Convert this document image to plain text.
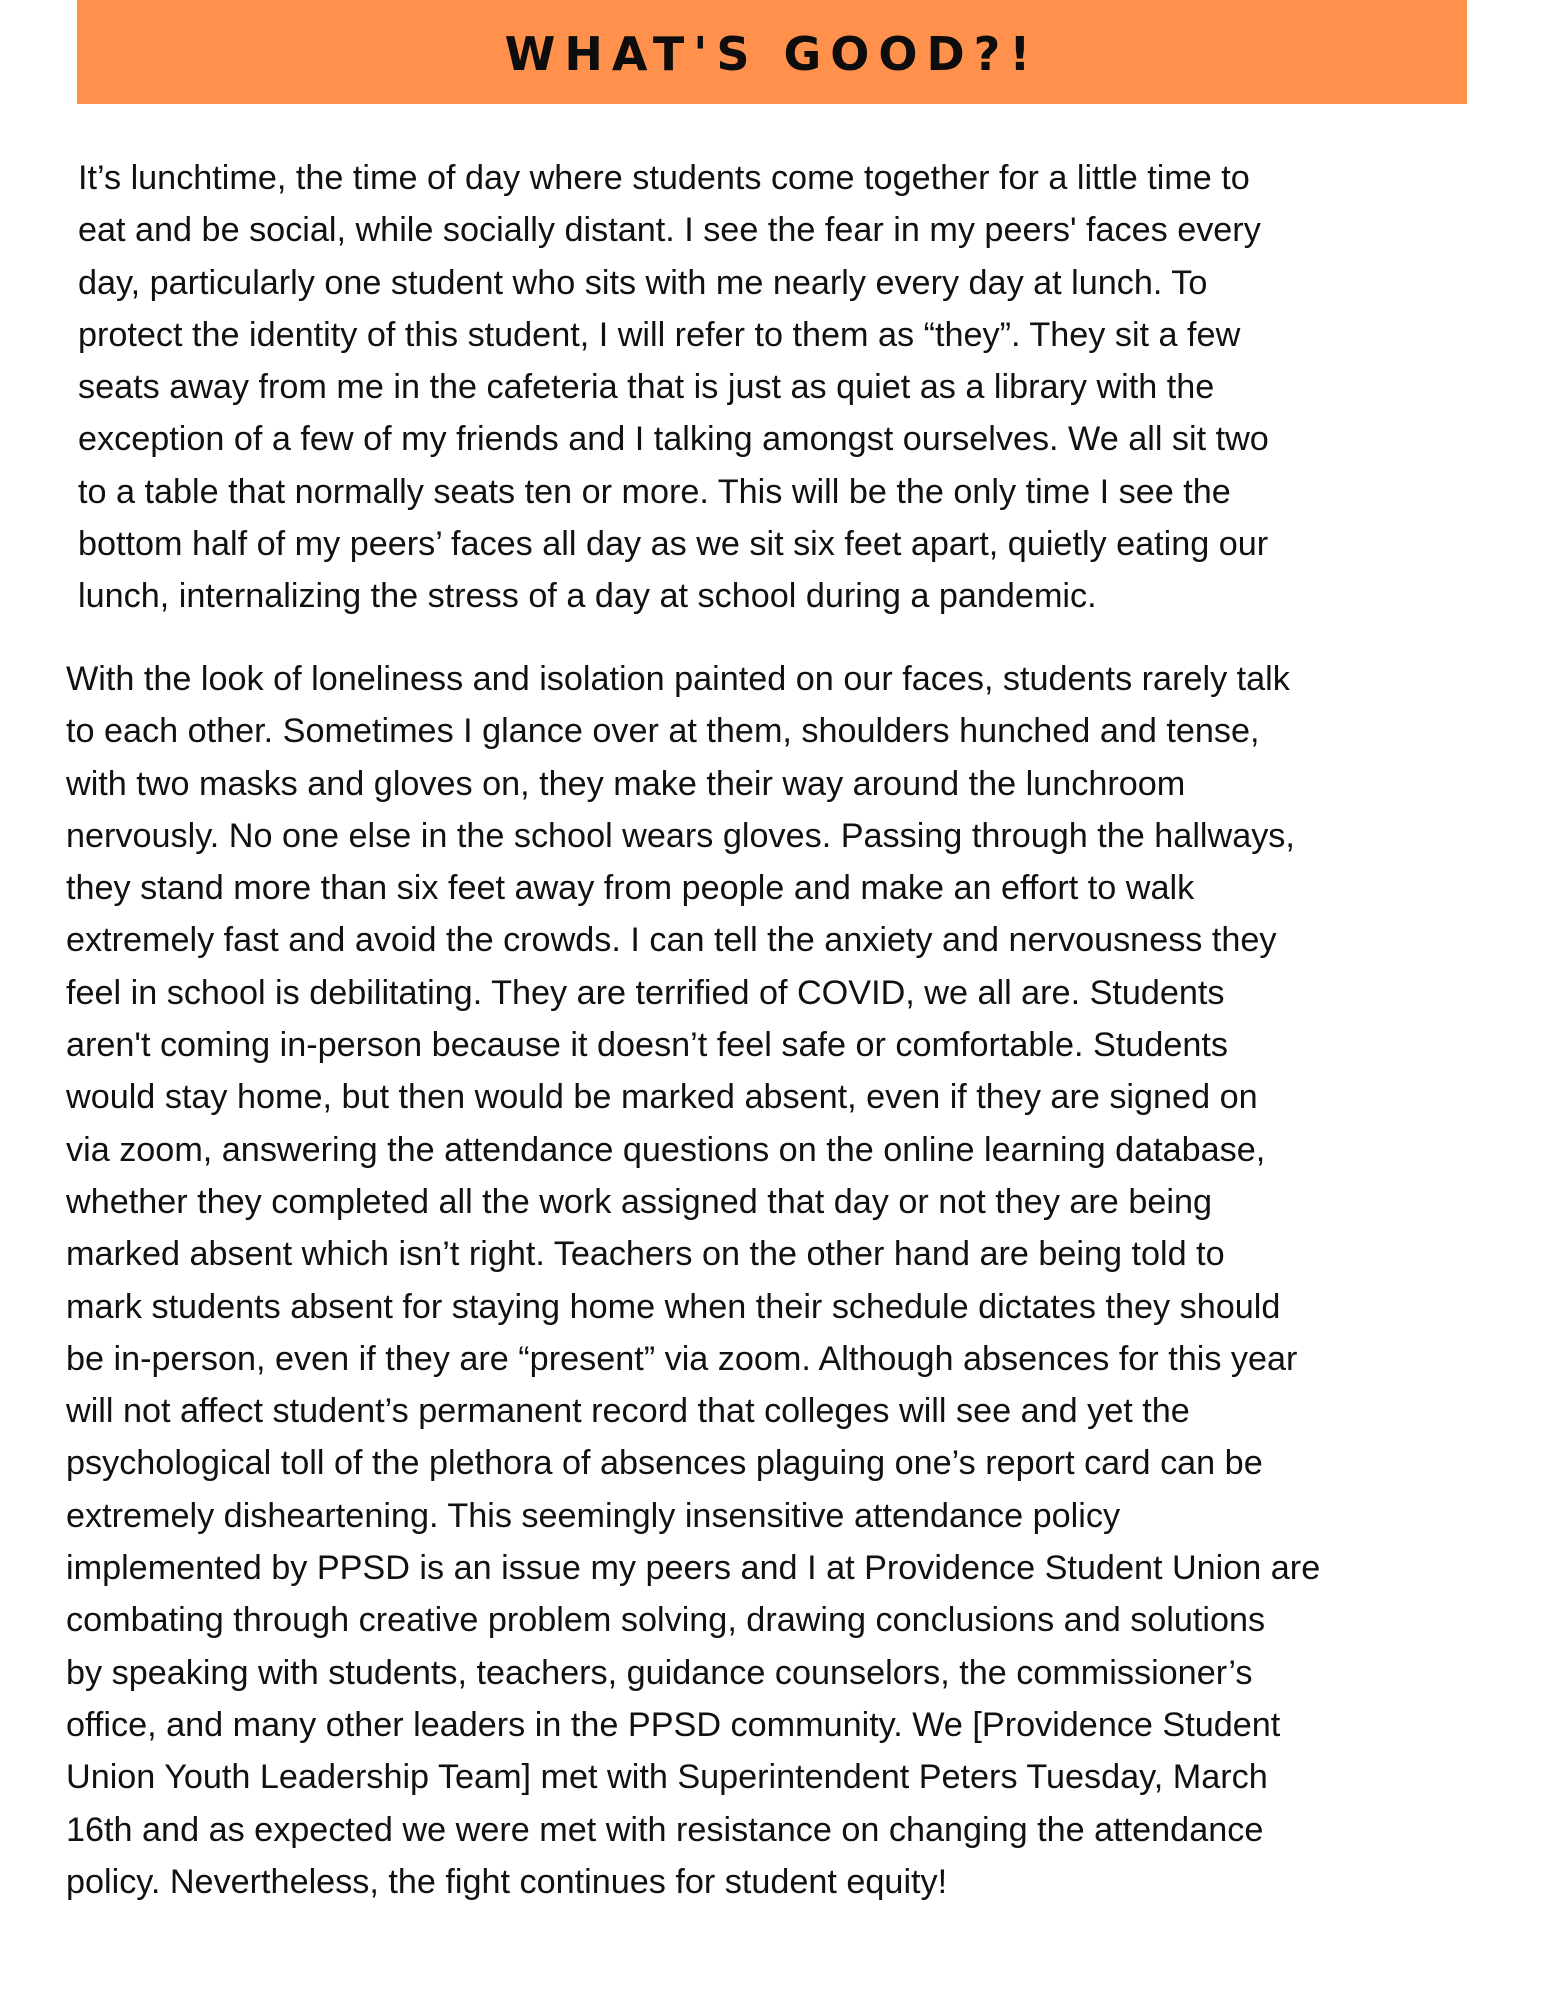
WHAT'S GOOD?!

It’s lunchtime, the time of day where students come together for a little time to
eat and be social, while socially distant. I see the fear in my peers' faces every
day, particularly one student who sits with me nearly every day at lunch. To
protect the identity of this student, I will refer to them as “they”. They sit a few
seats away from me in the cafeteria that is just as quiet as a library with the
exception of a few of my friends and I talking amongst ourselves. We all sit two
to a table that normally seats ten or more. This will be the only time I see the
bottom half of my peers’ faces all day as we sit six feet apart, quietly eating our
lunch, internalizing the stress of a day at school during a pandemic.

With the look of loneliness and isolation painted on our faces, students rarely talk
to each other. Sometimes I glance over at them, shoulders hunched and tense,
with two masks and gloves on, they make their way around the lunchroom
nervously. No one else in the school wears gloves. Passing through the hallways,
they stand more than six feet away from people and make an effort to walk
extremely fast and avoid the crowds. I can tell the anxiety and nervousness they
feel in school is debilitating. They are terrified of COVID, we all are. Students
aren't coming in-person because it doesn’t feel safe or comfortable. Students
would stay home, but then would be marked absent, even if they are signed on
via zoom, answering the attendance questions on the online learning database,
whether they completed all the work assigned that day or not they are being
marked absent which isn’t right. Teachers on the other hand are being told to
mark students absent for staying home when their schedule dictates they should
be in-person, even if they are “present” via zoom. Although absences for this year
will not affect student’s permanent record that colleges will see and yet the
psychological toll of the plethora of absences plaguing one’s report card can be
extremely disheartening. This seemingly insensitive attendance policy
implemented by PPSD is an issue my peers and I at Providence Student Union are
combating through creative problem solving, drawing conclusions and solutions
by speaking with students, teachers, guidance counselors, the commissioner’s
office, and many other leaders in the PPSD community. We [Providence Student
Union Youth Leadership Team] met with Superintendent Peters Tuesday, March
16th and as expected we were met with resistance on changing the attendance
policy. Nevertheless, the fight continues for student equity!
